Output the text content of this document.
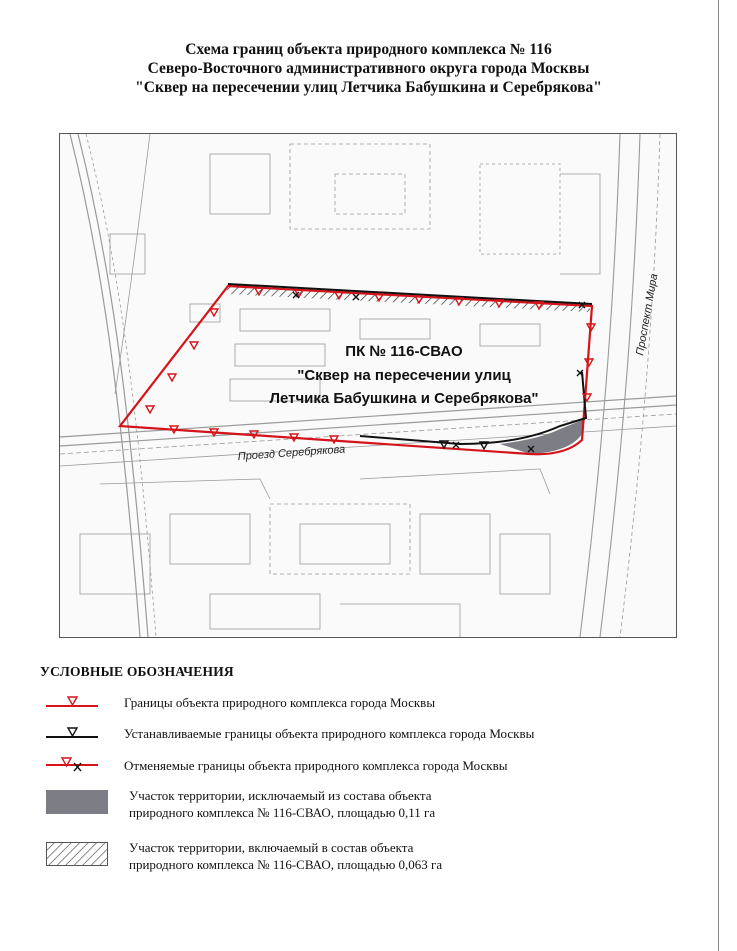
Схема границ объекта природного комплекса № 116
Северо-Восточного административного округа города Москвы
"Сквер на пересечении улиц Летчика Бабушкина и Серебрякова"
ПК № 116-СВАО
"Сквер на пересечении улиц
Летчика Бабушкина и Серебрякова"
Проезд Серебрякова
Проспект Мира
УСЛОВНЫЕ ОБОЗНАЧЕНИЯ
Границы объекта природного комплекса города Москвы
Устанавливаемые границы объекта природного комплекса города Москвы
Отменяемые границы объекта природного комплекса города Москвы
Участок территории, исключаемый из состава объекта
природного комплекса № 116-СВАО, площадью 0,11 га
Участок территории, включаемый в состав объекта
природного комплекса № 116-СВАО, площадью 0,063 га
